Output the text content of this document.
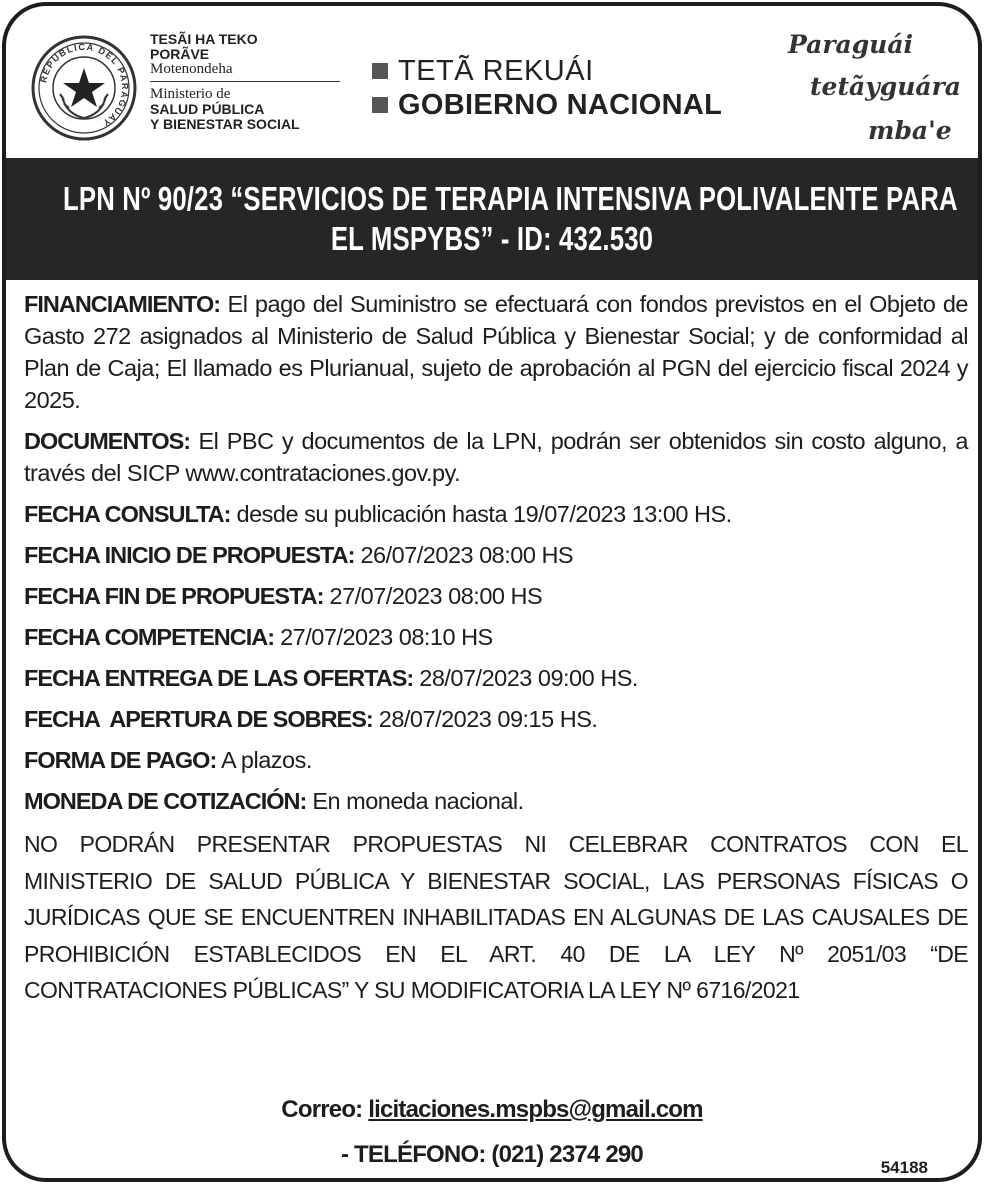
REPUBLICA DEL PARAGUAY
TESÃI HA TEKO
PORÃVE
Motenondeha
Ministerio de
SALUD PÚBLICA
Y BIENESTAR SOCIAL
TETÃ REKUÁI
GOBIERNO NACIONAL
Paraguái
tetãyguára
mba'e
LPN Nº 90/23 “SERVICIOS DE TERAPIA INTENSIVA POLIVALENTE PARA
EL MSPYBS” - ID: 432.530

FINANCIAMIENTO: El pago del Suministro se efectuará con fondos previstos en el Objeto de Gasto 272 asignados al Ministerio de Salud Pública y Bienestar Social; y de conformidad al Plan de Caja; El llamado es Plurianual, sujeto de aprobación al PGN del ejercicio fiscal 2024 y 2025.

DOCUMENTOS: El PBC y documentos de la LPN, podrán ser obtenidos sin costo alguno, a través del SICP www.contrataciones.gov.py.

FECHA CONSULTA: desde su publicación hasta 19/07/2023 13:00 HS.

FECHA INICIO DE PROPUESTA: 26/07/2023 08:00 HS

FECHA FIN DE PROPUESTA: 27/07/2023 08:00 HS

FECHA COMPETENCIA: 27/07/2023 08:10 HS

FECHA ENTREGA DE LAS OFERTAS: 28/07/2023 09:00 HS.

FECHA  APERTURA DE SOBRES: 28/07/2023 09:15 HS.

FORMA DE PAGO: A plazos.

MONEDA DE COTIZACIÓN: En moneda nacional.

NO PODRÁN PRESENTAR PROPUESTAS NI CELEBRAR CONTRATOS CON EL MINISTERIO DE SALUD PÚBLICA Y BIENESTAR SOCIAL, LAS PERSONAS FÍSICAS O JURÍDICAS QUE SE ENCUENTREN INHABILITADAS EN ALGUNAS DE LAS CAUSALES DE PROHIBICIÓN ESTABLECIDOS EN EL ART. 40 DE LA LEY Nº 2051/03 “DE CONTRATACIONES PÚBLICAS” Y SU MODIFICATORIA LA LEY Nº 6716/2021

Correo: licitaciones.mspbs@gmail.com
- TELÉFONO: (021) 2374 290	54188
